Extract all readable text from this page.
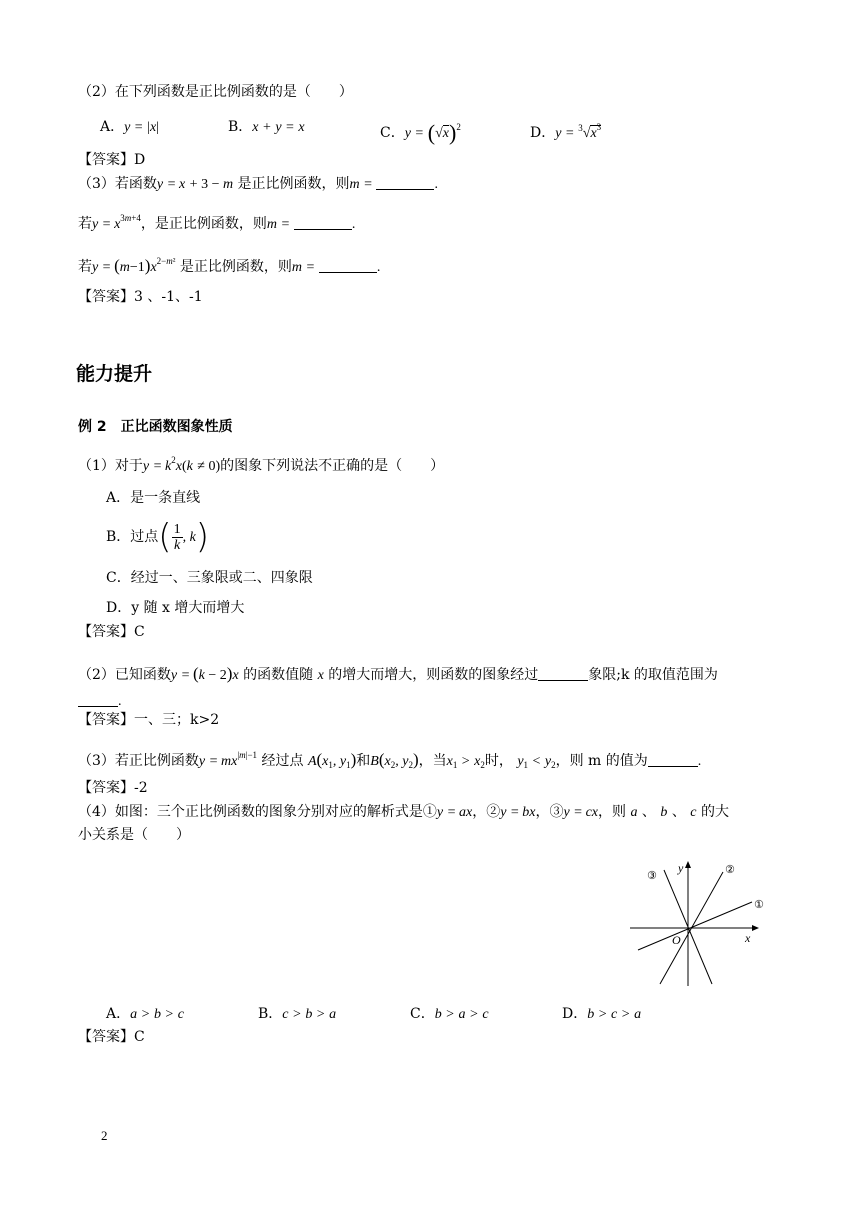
（2）在下列函数是正比例函数的是（　　）
A．y = |x|	B．x + y = x	C．$y = (√x)^2$	D．$y = ^3√x^3$
【答案】D
（3）若函数y = x + 3 − m 是正比例函数，则m =	.
若$y = x^{3m+4}$，是正比例函数，则m =	.
若$y = (m-1)x^{2-m^2}$ 是正比例函数，则m =	.
【答案】3 、-1、-1
能力提升
例 2　正比函数图象性质
（1）对于$y = k^2x(k \ne 0)$的图象下列说法不正确的是（　　）
A．是一条直线
B．过点( $\frac{1}{k}$ , k)
C．经过一、三象限或二、四象限
D．y 随 x 增大而增大
【答案】C
（2）已知函数y = (k − 2)x 的函数值随 x 的增大而增大，则函数的图象经过	象限;k 的取值范围为
.
【答案】一、三；k>2
（3）若正比例函数$y = mx^{|m|-1}$ 经过点 $A(x_1$, $y_1$)和$B(x_2$, $y_2$)，当$x_1 > x_2$时， $y_1 < y_2$，则 m 的值为	.
【答案】-2
（4）如图：三个正比例函数的图象分别对应的解析式是①y = ax，②y = bx，③y = cx，则 a 、 b 、 c 的大
小关系是（　　）
①
②
③
x
y
O
A．a > b > c	B．c > b > a	C．b > a > c	D．b > c > a
【答案】C
2
